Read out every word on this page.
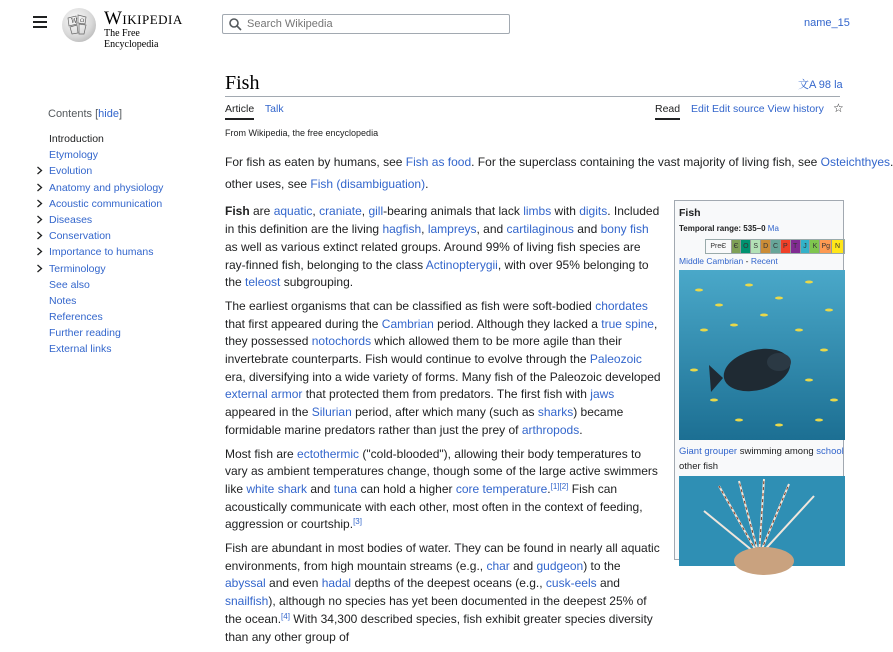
W Ω Wikipedia
The Free Encyclopedia
Search Wikipedia
name_15
Contents [hide]
Introduction
Etymology
Evolution
Anatomy and physiology
Acoustic communication
Diseases
Conservation
Importance to humans
Terminology
See also
Notes
References
Further reading
External links
Fish	文A 98 la
Article Talk	Read Edit Edit source View history ☆
From Wikipedia, the free encyclopedia
For fish as eaten by humans, see Fish as food. For the superclass containing the vast majority of living fish, see Osteichthyes
other uses, see Fish (disambiguation).

Fish are aquatic, craniate, gill-bearing animals that lack limbs with digits. Included in this definition are the living hagfish, lampreys, and cartilaginous and bony fish as well as various extinct related groups. Around 99% of living fish species are ray-finned fish, belonging to the class Actinopterygii, with over 95% belonging to the teleost subgrouping.

The earliest organisms that can be classified as fish were soft-bodied chordates that first appeared during the Cambrian period. Although they lacked a true spine, they possessed notochords which allowed them to be more agile than their invertebrate counterparts. Fish would continue to evolve through the Paleozoic era, diversifying into a wide variety of forms. Many fish of the Paleozoic developed external armor that protected them from predators. The first fish with jaws appeared in the Silurian period, after which many (such as sharks) became formidable marine predators rather than just the prey of arthropods.

Most fish are ectothermic ("cold-blooded"), allowing their body temperatures to vary as ambient temperatures change, though some of the large active swimmers like white shark and tuna can hold a higher core temperature.[1][2] Fish can acoustically communicate with each other, most often in the context of feeding, aggression or courtship.[3]

Fish are abundant in most bodies of water. They can be found in nearly all aquatic environments, from high mountain streams (e.g., char and gudgeon) to the abyssal and even hadal depths of the deepest oceans (e.g., cusk-eels and snailfish), although no species has yet been documented in the deepest 25% of the ocean.[4] With 34,300 described species, fish exhibit greater species diversity than any other group of

Fish
Temporal range: 535–0 Ma
PreЄ	Є O S D C P T J K Pg N
Middle Cambrian - Recent
Giant grouper swimming among school
other fish
